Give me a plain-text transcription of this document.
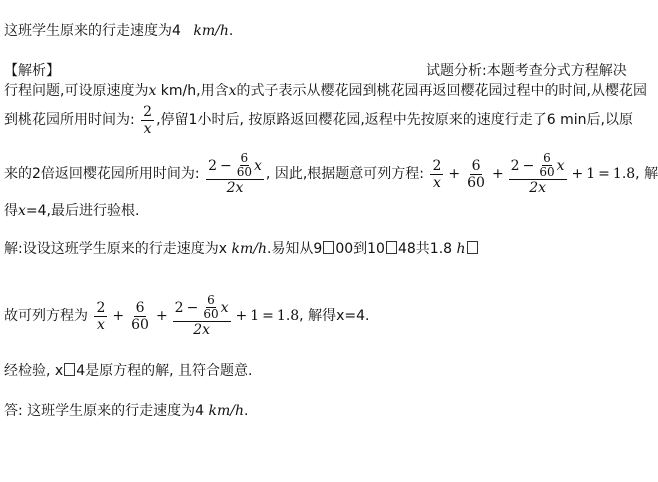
这班学生原来的行走速度为4 km/h.
【解析】	试题分析:本题考查分式方程解决
行程问题,可设原速度为x km/h,用含x的式子表示从樱花园到桃花园再返回樱花园过程中的时间,从樱花园
到桃花园所用时间为: $\frac{2}{x}$ ,停留1小时后, 按原路返回樱花园,返程中先按原来的速度行走了6 min后,以原
来的2倍返回樱花园所用时间为: $\frac{2 - \frac{6}{60} x}{2x}$ , 因此,根据题意可列方程: $\frac{2}{x} + \frac{6}{60} + \frac{2 - \frac{6}{60} x}{2x} + 1 = 1.8$ , 解
得x=4,最后进行验根.
解:设设这班学生原来的行走速度为x km/h.易知从9 00到10 48共1.8 h
故可列方程为 $\frac{2}{x} + \frac{6}{60} + \frac{2 - \frac{6}{60} x}{2x} + 1 = 1.8$ , 解得x=4.
经检验, x 4是原方程的解, 且符合题意.
答: 这班学生原来的行走速度为4 km/h.
